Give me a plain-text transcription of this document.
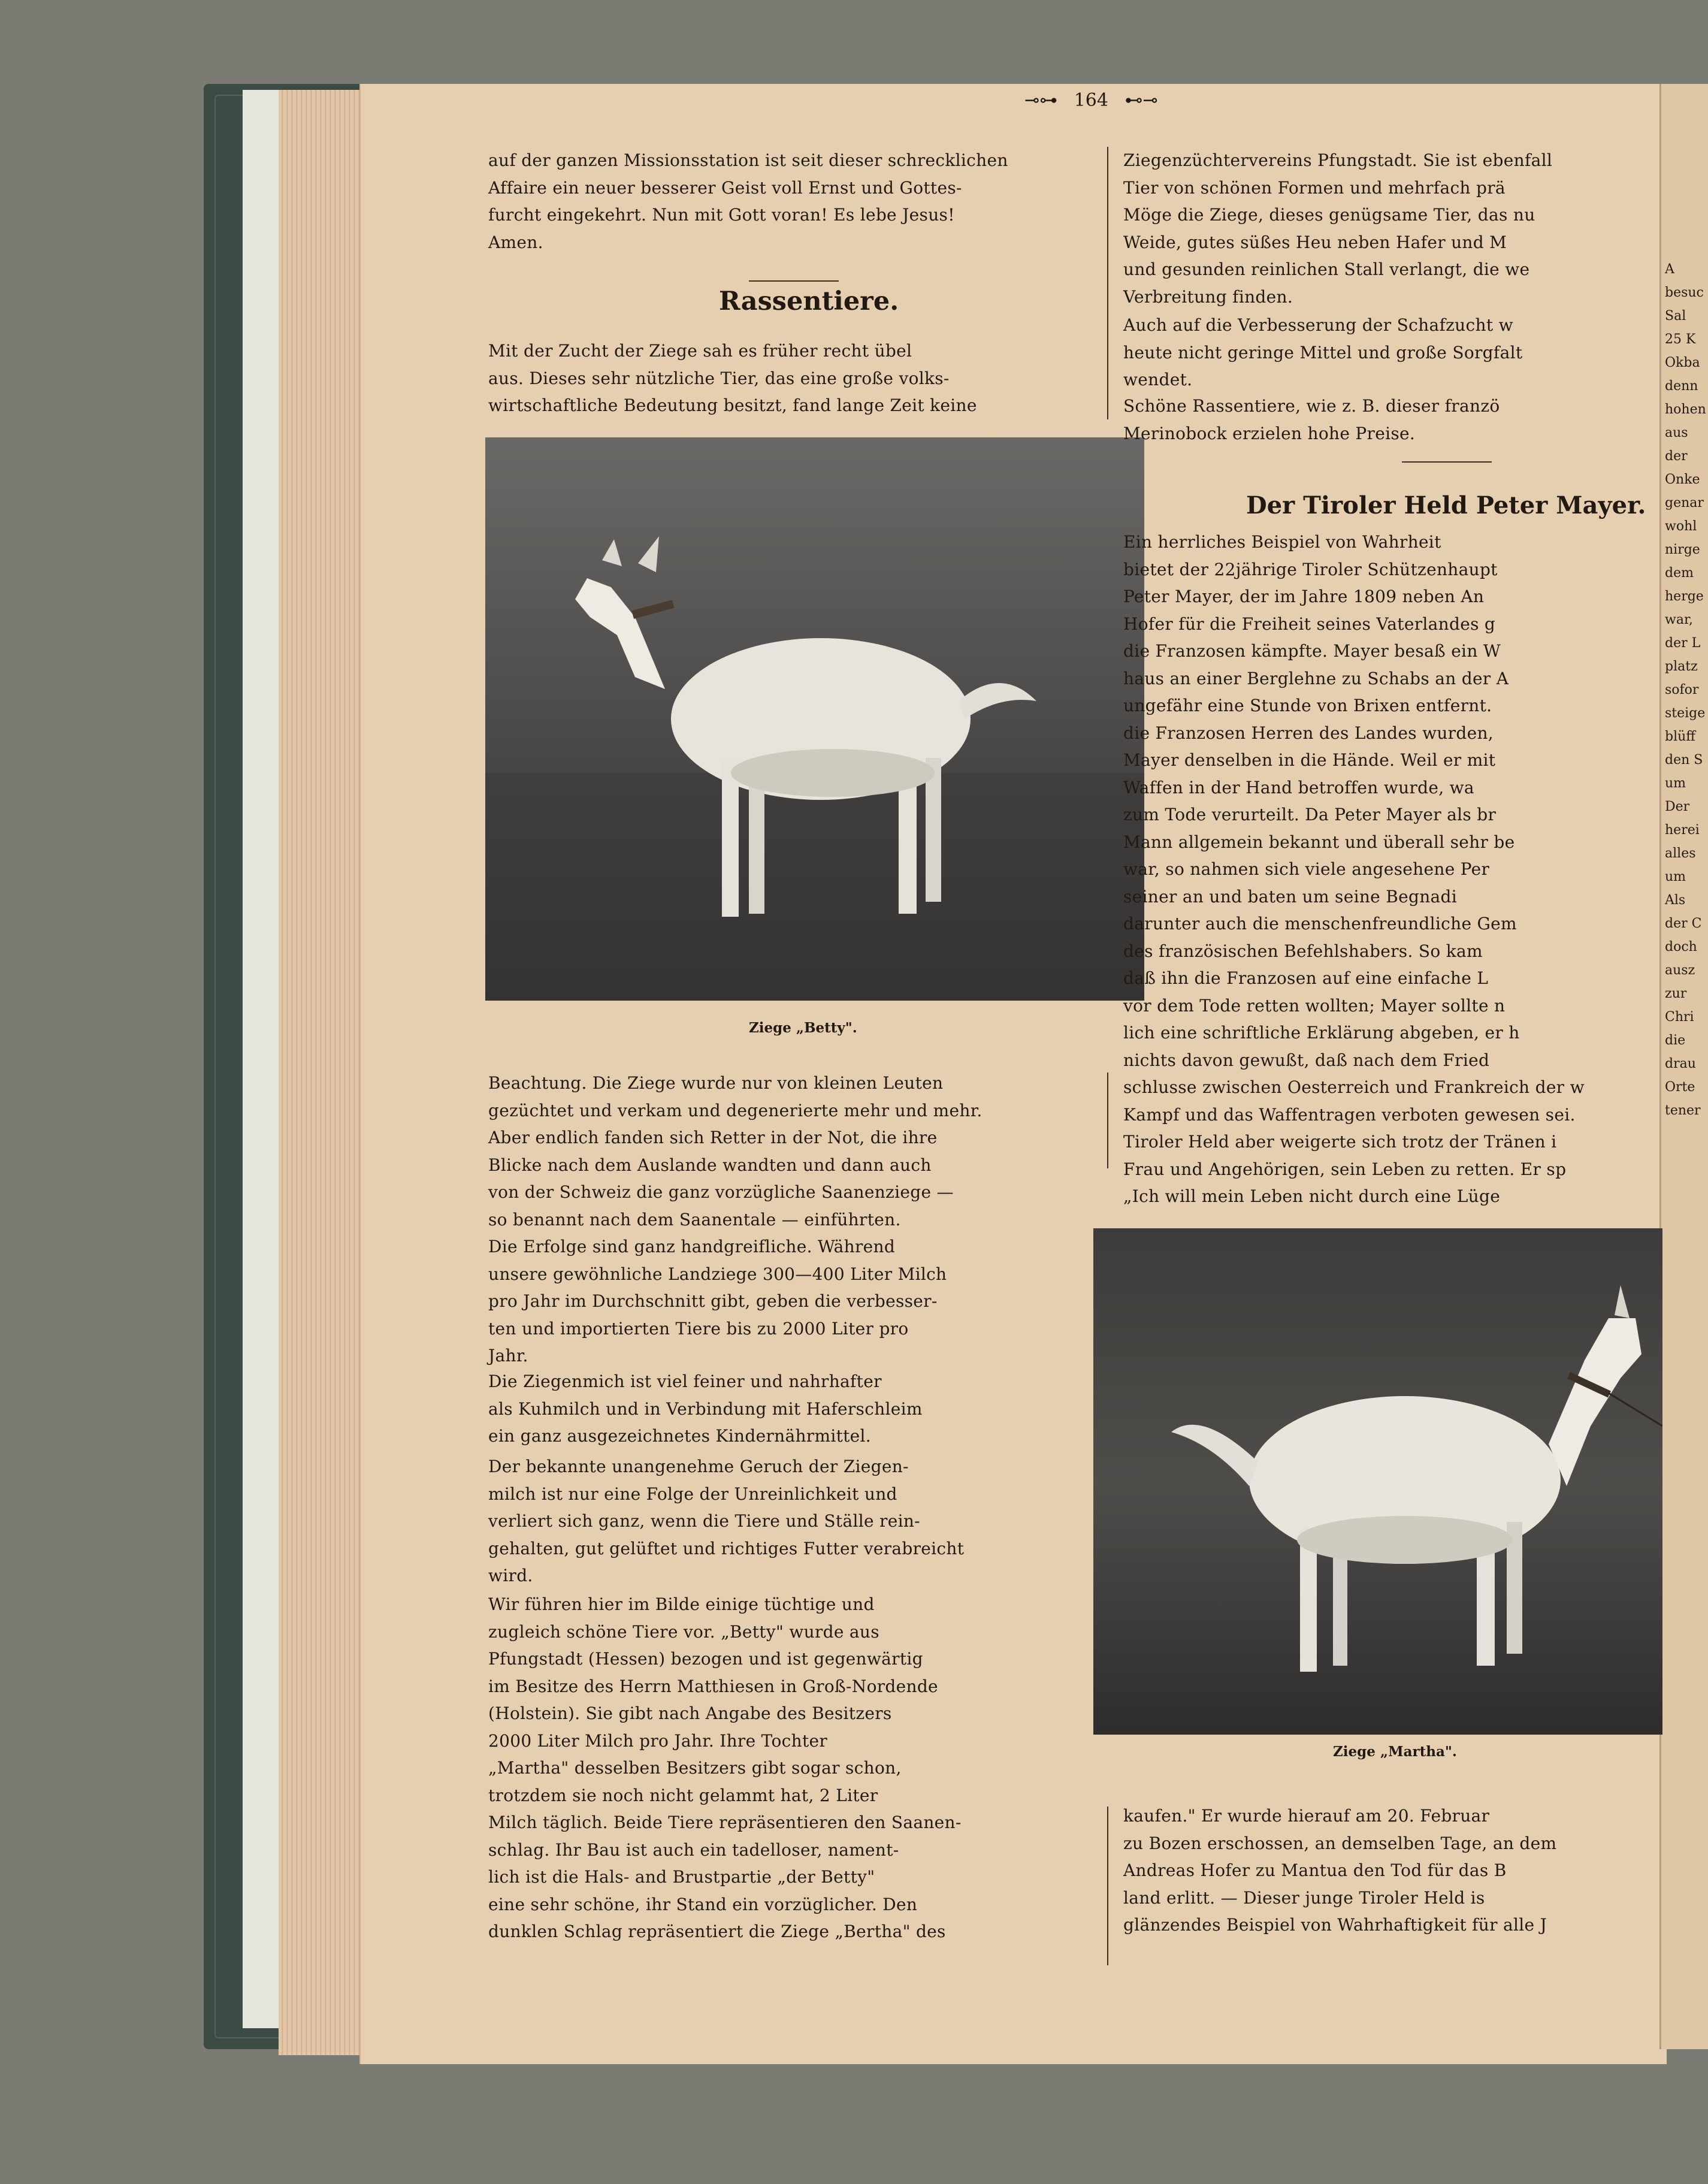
A
besuc
Sal
25 K
Okba
denn
hohen
aus
der
Onke
genar
wohl
nirge
dem
herge
war,
der L
platz
sofor
steige
blüff
den S
um
Der
herei
alles
um
Als
der C
doch
ausz
zur
Chri
die
drau
Orte
tener
⊸⊶ 164 ⊷⊸

auf der ganzen Missionsstation ist seit dieser schrecklichen
Affaire ein neuer besserer Geist voll Ernst und Gottes-
furcht eingekehrt. Nun mit Gott voran! Es lebe Jesus!
Amen.

Rassentiere.

Mit der Zucht der Ziege sah es früher recht übel
aus. Dieses sehr nützliche Tier, das eine große volks-
wirtschaftliche Bedeutung besitzt, fand lange Zeit keine

Ziege „Betty".

Beachtung. Die Ziege wurde nur von kleinen Leuten
gezüchtet und verkam und degenerierte mehr und mehr.
Aber endlich fanden sich Retter in der Not, die ihre
Blicke nach dem Auslande wandten und dann auch
von der Schweiz die ganz vorzügliche Saanenziege —
so benannt nach dem Saanentale — einführten.
Die Erfolge sind ganz handgreifliche. Während
unsere gewöhnliche Landziege 300—400 Liter Milch
pro Jahr im Durchschnitt gibt, geben die verbesser-
ten und importierten Tiere bis zu 2000 Liter pro
Jahr.

Die Ziegenmich ist viel feiner und nahrhafter
als Kuhmilch und in Verbindung mit Haferschleim
ein ganz ausgezeichnetes Kindernährmittel.

Der bekannte unangenehme Geruch der Ziegen-
milch ist nur eine Folge der Unreinlichkeit und
verliert sich ganz, wenn die Tiere und Ställe rein-
gehalten, gut gelüftet und richtiges Futter verabreicht
wird.

Wir führen hier im Bilde einige tüchtige und
zugleich schöne Tiere vor. „Betty" wurde aus
Pfungstadt (Hessen) bezogen und ist gegenwärtig
im Besitze des Herrn Matthiesen in Groß-Nordende
(Holstein). Sie gibt nach Angabe des Besitzers
2000 Liter Milch pro Jahr. Ihre Tochter
„Martha" desselben Besitzers gibt sogar schon,
trotzdem sie noch nicht gelammt hat, 2 Liter
Milch täglich. Beide Tiere repräsentieren den Saanen-
schlag. Ihr Bau ist auch ein tadelloser, nament-
lich ist die Hals- and Brustpartie „der Betty"
eine sehr schöne, ihr Stand ein vorzüglicher. Den
dunklen Schlag repräsentiert die Ziege „Bertha" des

Ziegenzüchtervereins Pfungstadt. Sie ist ebenfall
Tier von schönen Formen und mehrfach prä
Möge die Ziege, dieses genügsame Tier, das nu
Weide, gutes süßes Heu neben Hafer und M
und gesunden reinlichen Stall verlangt, die we
Verbreitung finden.

Auch auf die Verbesserung der Schafzucht w
heute nicht geringe Mittel und große Sorgfalt
wendet.

Schöne Rassentiere, wie z. B. dieser franzö
Merinobock erzielen hohe Preise.

Der Tiroler Held Peter Mayer.

Ein herrliches Beispiel von Wahrheit
bietet der 22jährige Tiroler Schützenhaupt
Peter Mayer, der im Jahre 1809 neben An
Hofer für die Freiheit seines Vaterlandes g
die Franzosen kämpfte. Mayer besaß ein W
haus an einer Berglehne zu Schabs an der A
ungefähr eine Stunde von Brixen entfernt.
die Franzosen Herren des Landes wurden,
Mayer denselben in die Hände. Weil er mit
Waffen in der Hand betroffen wurde, wa
zum Tode verurteilt. Da Peter Mayer als br
Mann allgemein bekannt und überall sehr be
war, so nahmen sich viele angesehene Per
seiner an und baten um seine Begnadi
darunter auch die menschenfreundliche Gem
des französischen Befehlshabers. So kam
daß ihn die Franzosen auf eine einfache L
vor dem Tode retten wollten; Mayer sollte n
lich eine schriftliche Erklärung abgeben, er h
nichts davon gewußt, daß nach dem Fried
schlusse zwischen Oesterreich und Frankreich der w
Kampf und das Waffentragen verboten gewesen sei.
Tiroler Held aber weigerte sich trotz der Tränen i
Frau und Angehörigen, sein Leben zu retten. Er sp
„Ich will mein Leben nicht durch eine Lüge

Ziege „Martha".

kaufen." Er wurde hierauf am 20. Februar
zu Bozen erschossen, an demselben Tage, an dem
Andreas Hofer zu Mantua den Tod für das B
land erlitt. — Dieser junge Tiroler Held is
glänzendes Beispiel von Wahrhaftigkeit für alle J
